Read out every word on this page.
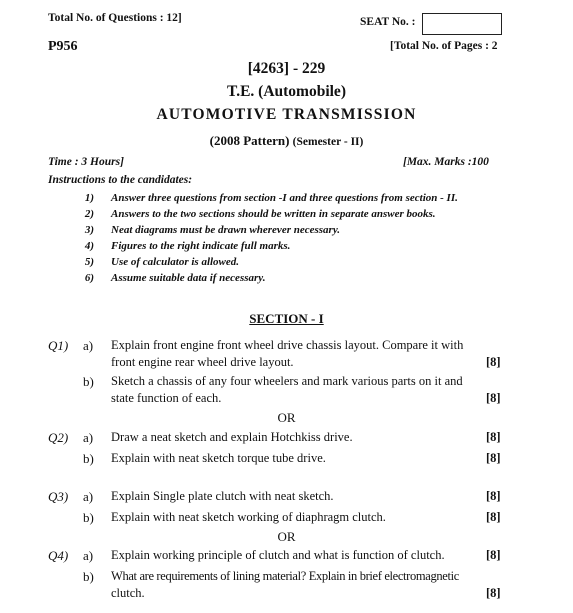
Total No. of Questions : 12]	SEAT No. :
P956	[Total No. of Pages : 2
[4263] - 229
T.E. (Automobile)
AUTOMOTIVE TRANSMISSION
(2008 Pattern) (Semester - II)
Time : 3 Hours]	[Max. Marks :100
Instructions to the candidates:
1) Answer three questions from section -I and three questions from section - II.
2) Answers to the two sections should be written in separate answer books.
3) Neat diagrams must be drawn wherever necessary.
4) Figures to the right indicate full marks.
5) Use of calculator is allowed.
6) Assume suitable data if necessary.
SECTION - I
Q1) a) Explain front engine front wheel drive chassis layout. Compare it with
front engine rear wheel drive layout.	[8]
b) Sketch a chassis of any four wheelers and mark various parts on it and
state function of each.	[8]
OR
Q2) a) Draw a neat sketch and explain Hotchkiss drive.	[8]
b) Explain with neat sketch torque tube drive.	[8]
Q3) a) Explain Single plate clutch with neat sketch.	[8]
b) Explain with neat sketch working of diaphragm clutch.	[8]
OR
Q4) a) Explain working principle of clutch and what is function of clutch.	[8]
b) What are requirements of lining material? Explain in brief electromagnetic
clutch.	[8]
